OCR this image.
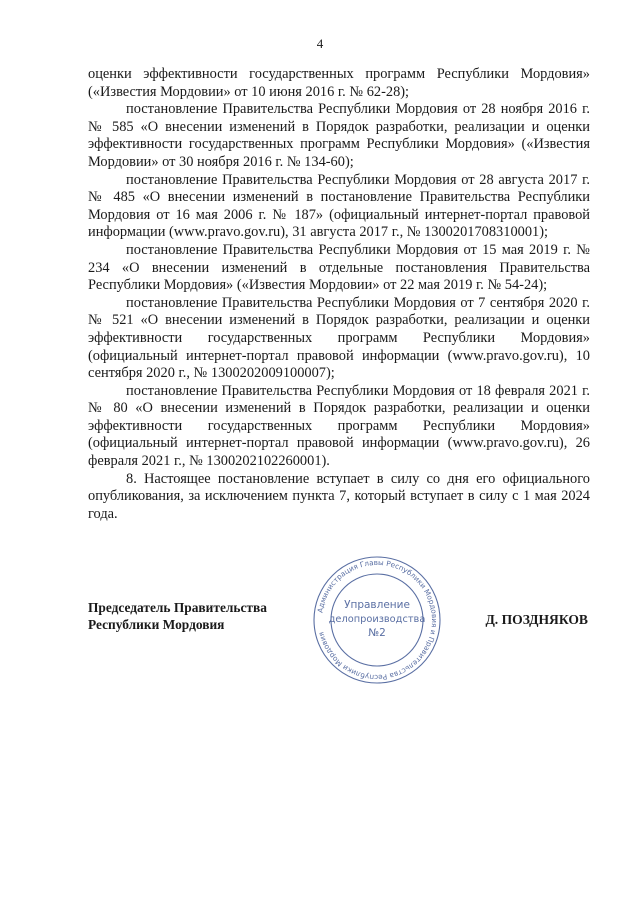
4

оценки эффективности государственных программ Республики Мордовия» («Известия Мордовии» от 10 июня 2016 г. № 62-28);

постановление Правительства Республики Мордовия от 28 ноября 2016 г. № 585 «О внесении изменений в Порядок разработки, реализации и оценки эффективности государственных программ Республики Мордовия» («Известия Мордовии» от 30 ноября 2016 г. № 134-60);

постановление Правительства Республики Мордовия от 28 августа 2017 г. № 485 «О внесении изменений в постановление Правительства Республики Мордовия от 16 мая 2006 г. № 187» (официальный интернет-портал правовой информации (www.pravo.gov.ru), 31 августа 2017 г., № 1300201708310001);

постановление Правительства Республики Мордовия от 15 мая 2019 г. № 234 «О внесении изменений в отдельные постановления Правительства Республики Мордовия» («Известия Мордовии» от 22 мая 2019 г. № 54-24);

постановление Правительства Республики Мордовия от 7 сентября 2020 г. № 521 «О внесении изменений в Порядок разработки, реализации и оценки эффективности государственных программ Республики Мордовия» (официальный интернет-портал правовой информации (www.pravo.gov.ru), 10 сентября 2020 г., № 1300202009100007);

постановление Правительства Республики Мордовия от 18 февраля 2021 г. № 80 «О внесении изменений в Порядок разработки, реализации и оценки эффективности государственных программ Республики Мордовия» (официальный интернет-портал правовой информации (www.pravo.gov.ru), 26 февраля 2021 г., № 1300202102260001).

8. Настоящее постановление вступает в силу со дня его официального опубликования, за исключением пункта 7, который вступает в силу с 1 мая 2024 года.

Председатель Правительства
Республики Мордовия
Администрация Главы Республики Мордовия и Правительства Республики Мордовия
Управление
делопроизводства
№2
Д. ПОЗДНЯКОВ
